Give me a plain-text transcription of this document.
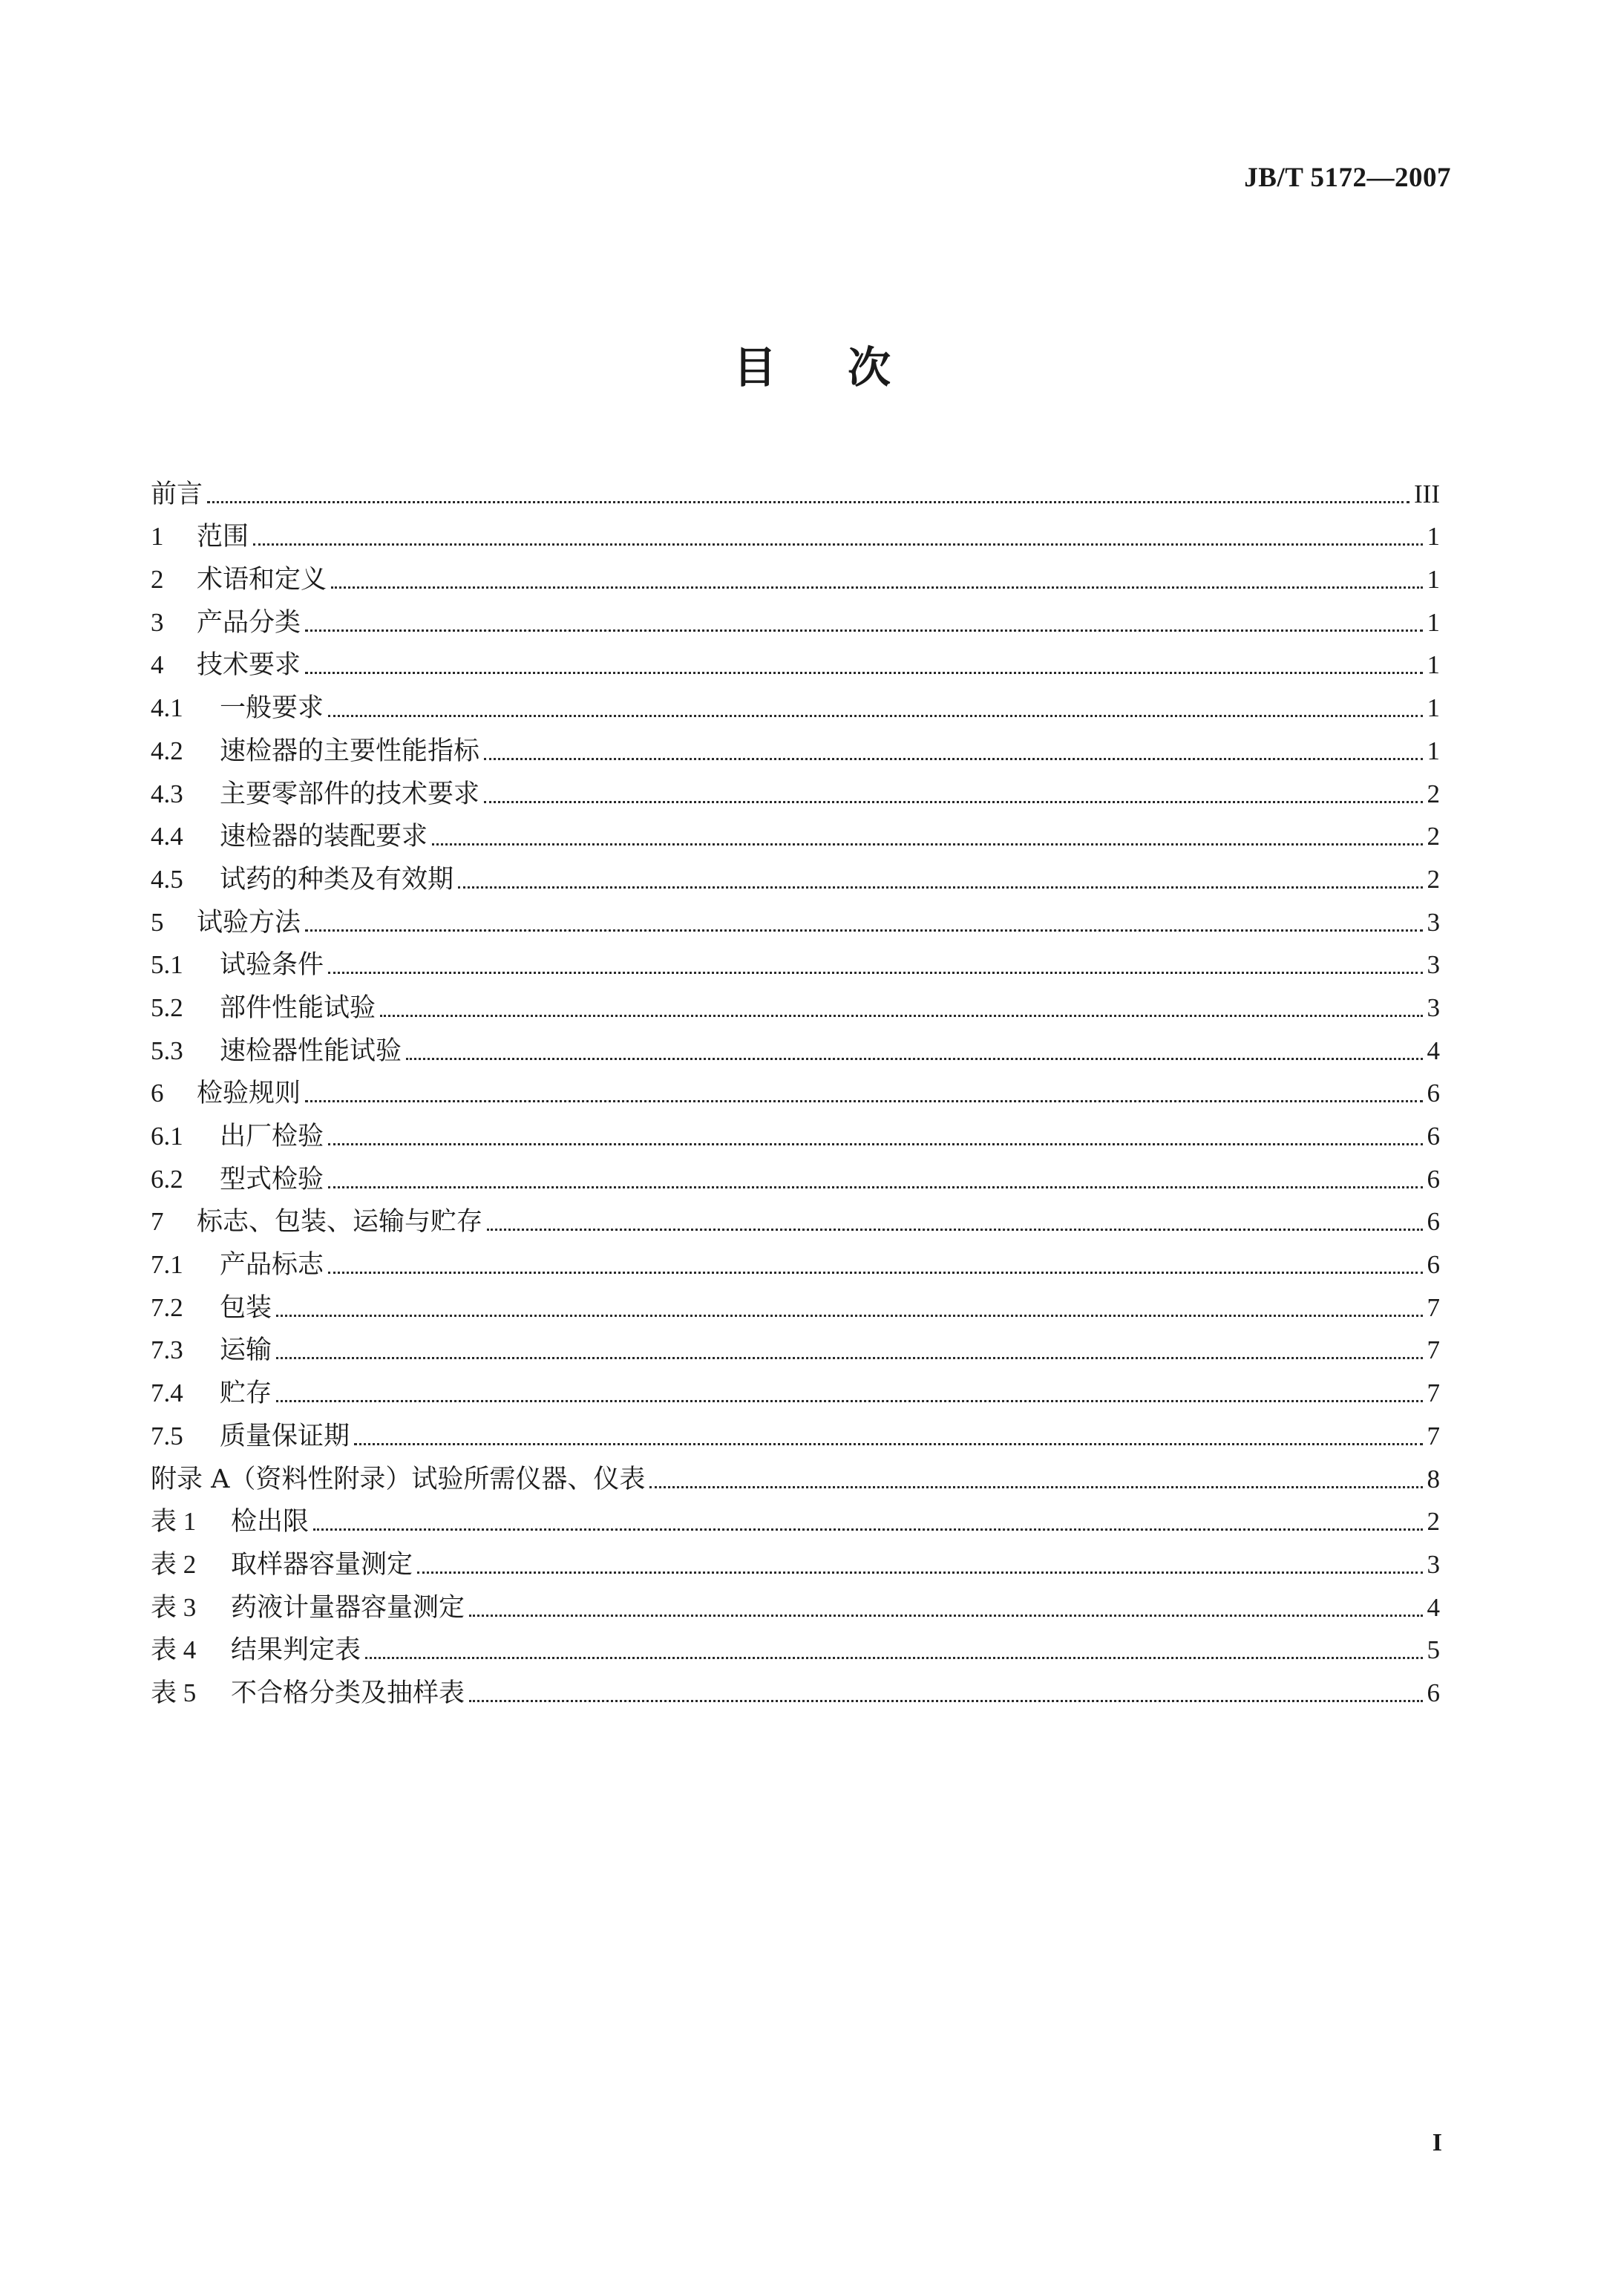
JB/T 5172—2007
目次
前言	III
1	范围	1
2	术语和定义	1
3	产品分类	1
4	技术要求	1
4.1	一般要求	1
4.2	速检器的主要性能指标	1
4.3	主要零部件的技术要求	2
4.4	速检器的装配要求	2
4.5	试药的种类及有效期	2
5	试验方法	3
5.1	试验条件	3
5.2	部件性能试验	3
5.3	速检器性能试验	4
6	检验规则	6
6.1	出厂检验	6
6.2	型式检验	6
7	标志、包装、运输与贮存	6
7.1	产品标志	6
7.2	包装	7
7.3	运输	7
7.4	贮存	7
7.5	质量保证期	7
附录 A（资料性附录）试验所需仪器、仪表	8
表 1	检出限	2
表 2	取样器容量测定	3
表 3	药液计量器容量测定	4
表 4	结果判定表	5
表 5	不合格分类及抽样表	6
I
